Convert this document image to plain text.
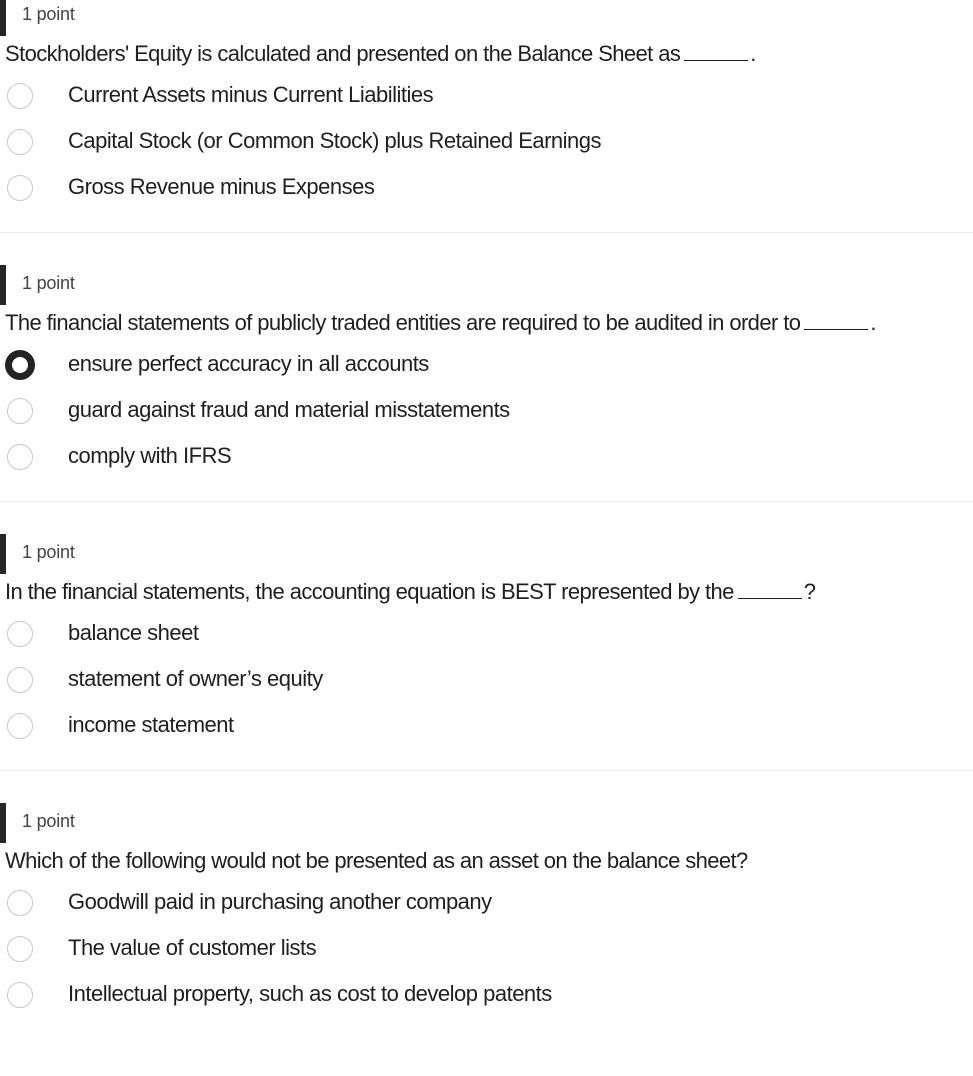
1 point
Stockholders' Equity is calculated and presented on the Balance Sheet as	.
Current Assets minus Current Liabilities
Capital Stock (or Common Stock) plus Retained Earnings
Gross Revenue minus Expenses
1 point
The financial statements of publicly traded entities are required to be audited in order to	.
ensure perfect accuracy in all accounts
guard against fraud and material misstatements
comply with IFRS
1 point
In the financial statements, the accounting equation is BEST represented by the	?
balance sheet
statement of owner’s equity
income statement
1 point
Which of the following would not be presented as an asset on the balance sheet?
Goodwill paid in purchasing another company
The value of customer lists
Intellectual property, such as cost to develop patents
